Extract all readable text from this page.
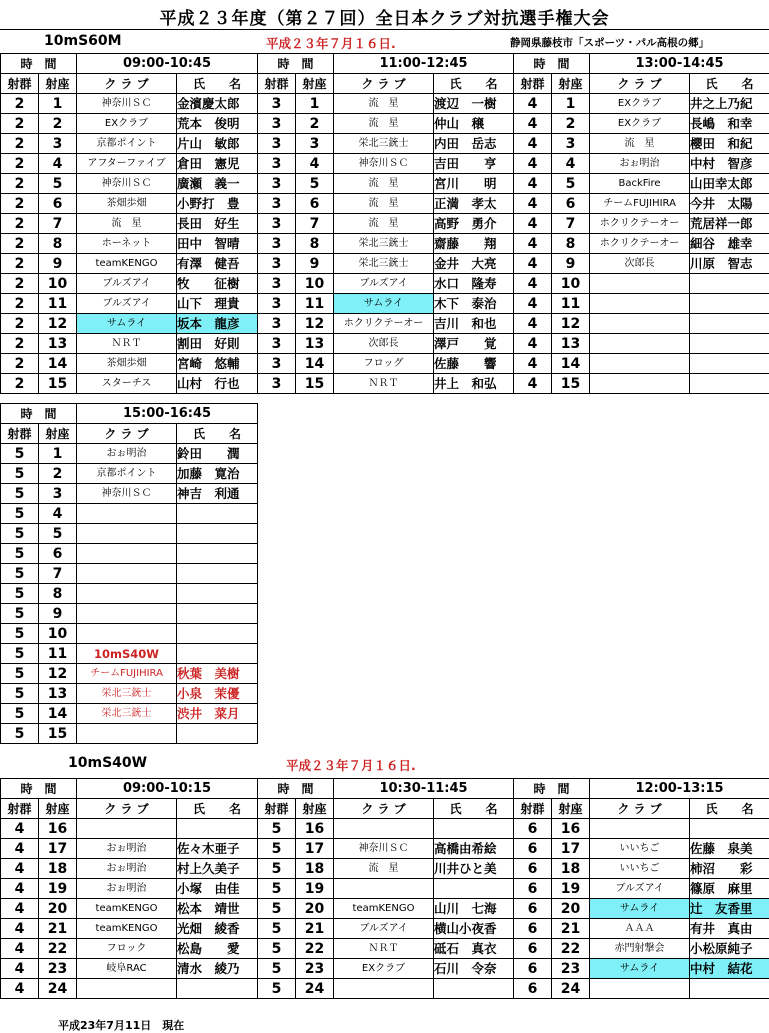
平成２３年度（第２７回）全日本クラブ対抗選手権大会
10mS60M	平成２３年７月１６日.	静岡県藤枝市「スポーツ・パル高根の郷」
時　間		09:00-10:45	
射群	射座	ク ラ ブ	氏　　名
2	1	神奈川ＳＣ	金濱慶太郎
2	2	EXクラブ	荒本　俊明
2	3	京都ポイント	片山　敏郎
2	4	アフターファイブ	倉田　憲児
2	5	神奈川ＳＣ	廣瀬　義一
2	6	茶畑歩畑	小野打　豊
2	7	流　星	長田　好生
2	8	ホーネット	田中　智晴
2	9	teamKENGO	有澤　健吾
2	10	ブルズアイ	牧　　征樹
2	11	ブルズアイ	山下　理貴
2	12	サムライ	坂本　龍彦
2	13	ＮＲＴ	割田　好則
2	14	茶畑歩畑	宮崎　悠輔
2	15	スターチス	山村　行也
時　間		11:00-12:45	
射群	射座	ク ラ ブ	氏　　名
3	1	流　星	渡辺　一樹
3	2	流　星	仲山　穣
3	3	栄北三銃士	内田　岳志
3	4	神奈川ＳＣ	吉田　　亨
3	5	流　星	宮川　　明
3	6	流　星	正満　孝太
3	7	流　星	高野　勇介
3	8	栄北三銃士	齋藤　　翔
3	9	栄北三銃士	金井　大亮
3	10	ブルズアイ	水口　隆寿
3	11	サムライ	木下　泰治
3	12	ホクリクテーオー	吉川　和也
3	13	次郎長	澤戸　　覚
3	14	フロッグ	佐藤　　響
3	15	ＮＲＴ	井上　和弘
時　間		13:00-14:45	
射群	射座	ク ラ ブ	氏　　名
4	1	EXクラブ	井之上乃紀
4	2	EXクラブ	長嶋　和幸
4	3	流　星	櫻田　和紀
4	4	おぉ明治	中村　智彦
4	5	BackFire	山田幸太郎
4	6	チームFUJIHIRA	今井　太陽
4	7	ホクリクテーオー	荒居祥一郎
4	8	ホクリクテーオー	細谷　雄幸
4	9	次郎長	川原　智志
4	10		
4	11		
4	12		
4	13		
4	14		
4	15		
時　間		15:00-16:45	
射群	射座	ク ラ ブ	氏　　名
5	1	おぉ明治	鈴田　　潤
5	2	京都ポイント	加藤　寛治
5	3	神奈川ＳＣ	神吉　利通
5	4		
5	5		
5	6		
5	7		
5	8		
5	9		
5	10		
5	11	10mS40W	
5	12	チームFUJIHIRA	秋葉　美樹
5	13	栄北三銃士	小泉　茉優
5	14	栄北三銃士	渋井　菜月
5	15		
10mS40W	平成２３年７月１６日.
時　間		09:00-10:15	
射群	射座	ク ラ ブ	氏　　名
4	16		
4	17	おぉ明治	佐々木亜子
4	18	おぉ明治	村上久美子
4	19	おぉ明治	小塚　由佳
4	20	teamKENGO	松本　靖世
4	21	teamKENGO	光畑　綾香
4	22	フロック	松島　　愛
4	23	岐阜RAC	清水　綾乃
4	24		
時　間		10:30-11:45	
射群	射座	ク ラ ブ	氏　　名
5	16		
5	17	神奈川ＳＣ	高橋由希絵
5	18	流　星	川井ひと美
5	19		
5	20	teamKENGO	山川　七海
5	21	ブルズアイ	横山小夜香
5	22	ＮＲＴ	砥石　真衣
5	23	EXクラブ	石川　令奈
5	24		
時　間		12:00-13:15	
射群	射座	ク ラ ブ	氏　　名
6	16		
6	17	いいちご	佐藤　泉美
6	18	いいちご	柿沼　　彩
6	19	ブルズアイ	篠原　麻里
6	20	サムライ	辻　友香里
6	21	ＡＡＡ	有井　真由
6	22	赤門射撃会	小松原純子
6	23	サムライ	中村　結花
6	24		
平成23年7月11日　現在
